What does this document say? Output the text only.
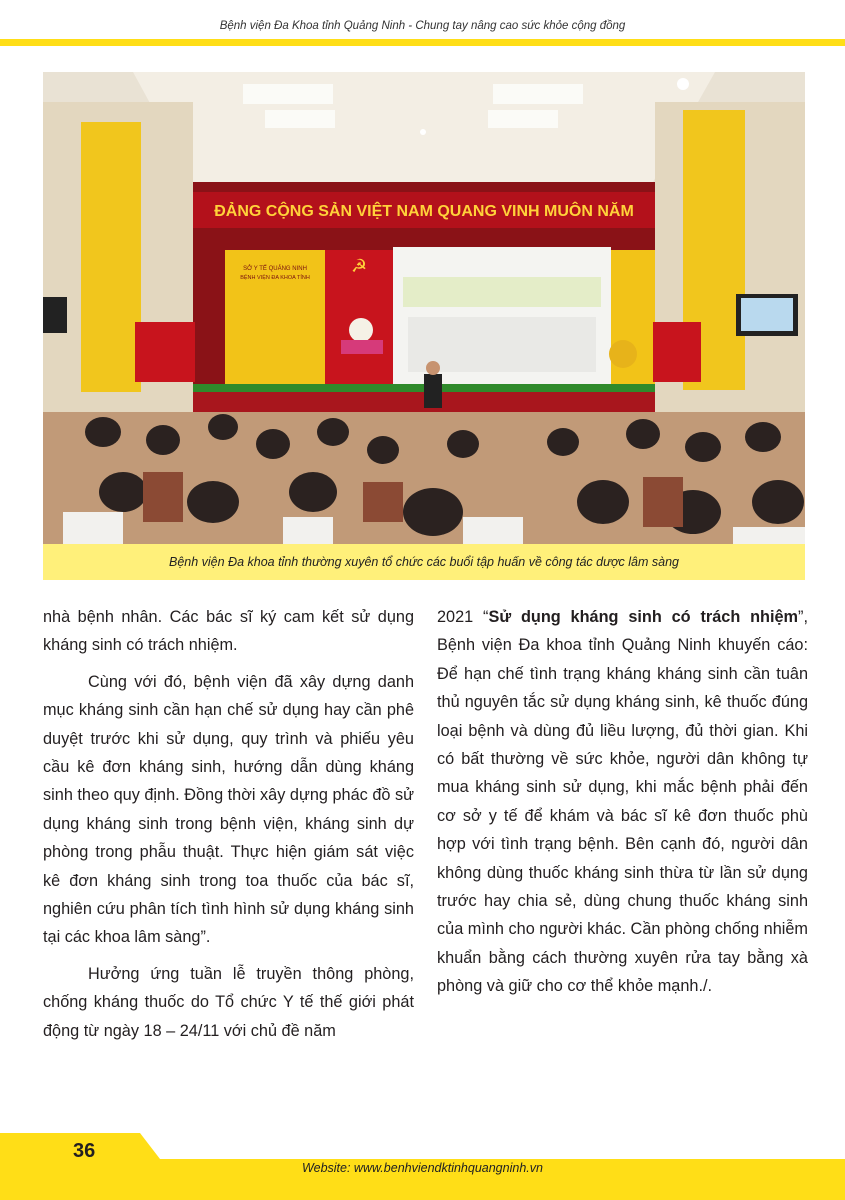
Bệnh viện Đa Khoa tỉnh Quảng Ninh - Chung tay nâng cao sức khỏe cộng đồng
ĐẢNG CỘNG SẢN VIỆT NAM QUANG VINH MUÔN NĂM
SỞ Y TẾ QUẢNG NINH
BỆNH VIỆN ĐA KHOA TỈNH
☭
Bệnh viện Đa khoa tỉnh thường xuyên tổ chức các buổi tập huấn về công tác dược lâm sàng

nhà bệnh nhân. Các bác sĩ ký cam kết sử dụng kháng sinh có trách nhiệm.

Cùng với đó, bệnh viện đã xây dựng danh mục kháng sinh cần hạn chế sử dụng hay cần phê duyệt trước khi sử dụng, quy trình và phiếu yêu cầu kê đơn kháng sinh, hướng dẫn dùng kháng sinh theo quy định. Đồng thời xây dựng phác đồ sử dụng kháng sinh trong bệnh viện, kháng sinh dự phòng trong phẫu thuật. Thực hiện giám sát việc kê đơn kháng sinh trong toa thuốc của bác sĩ, nghiên cứu phân tích tình hình sử dụng kháng sinh tại các khoa lâm sàng”.

Hưởng ứng tuần lễ truyền thông phòng, chống kháng thuốc do Tổ chức Y tế thế giới phát động từ ngày 18 – 24/11 với chủ đề năm

2021 “Sử dụng kháng sinh có trách nhiệm”, Bệnh viện Đa khoa tỉnh Quảng Ninh khuyến cáo: Để hạn chế tình trạng kháng kháng sinh cần tuân thủ nguyên tắc sử dụng kháng sinh, kê thuốc đúng loại bệnh và dùng đủ liều lượng, đủ thời gian. Khi có bất thường về sức khỏe, người dân không tự mua kháng sinh sử dụng, khi mắc bệnh phải đến cơ sở y tế để khám và bác sĩ kê đơn thuốc phù hợp với tình trạng bệnh. Bên cạnh đó, người dân không dùng thuốc kháng sinh thừa từ lần sử dụng trước hay chia sẻ, dùng chung thuốc kháng sinh của mình cho người khác. Cần phòng chống nhiễm khuẩn bằng cách thường xuyên rửa tay bằng xà phòng và giữ cho cơ thể khỏe mạnh./.

36
Website: www.benhviendktinhquangninh.vn
